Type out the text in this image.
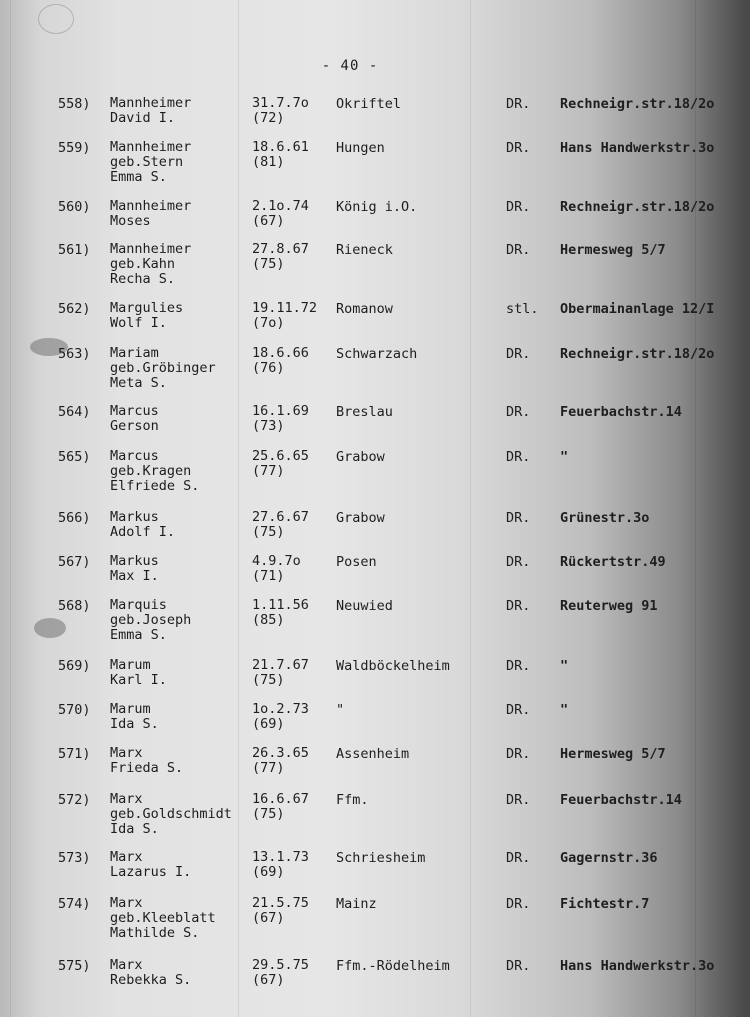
- 40 -
558)	Mannheimer
David I.
31.7.7o
(72)
Okriftel	DR.	Rechneigr.str.18/2o
559)	Mannheimer
geb.Stern
Emma S.
18.6.61
(81)
Hungen	DR.	Hans Handwerkstr.3o
560)	Mannheimer
Moses
2.1o.74
(67)
König i.O.	DR.	Rechneigr.str.18/2o
561)	Mannheimer
geb.Kahn
Recha S.
27.8.67
(75)
Rieneck	DR.	Hermesweg 5/7
562)	Margulies
Wolf I.
19.11.72
(7o)
Romanow	stl.	Obermainanlage 12/I
563)	Mariam
geb.Gröbinger
Meta S.
18.6.66
(76)
Schwarzach	DR.	Rechneigr.str.18/2o
564)	Marcus
Gerson
16.1.69
(73)
Breslau	DR.	Feuerbachstr.14
565)	Marcus
geb.Kragen
Elfriede S.
25.6.65
(77)
Grabow	DR.	"
566)	Markus
Adolf I.
27.6.67
(75)
Grabow	DR.	Grünestr.3o
567)	Markus
Max I.
4.9.7o
(71)
Posen	DR.	Rückertstr.49
568)	Marquis
geb.Joseph
Emma S.
1.11.56
(85)
Neuwied	DR.	Reuterweg 91
569)	Marum
Karl I.
21.7.67
(75)
Waldböckelheim	DR.	"
570)	Marum
Ida S.
1o.2.73
(69)
"	DR.	"
571)	Marx
Frieda S.
26.3.65
(77)
Assenheim	DR.	Hermesweg 5/7
572)	Marx
geb.Goldschmidt
Ida S.
16.6.67
(75)
Ffm.	DR.	Feuerbachstr.14
573)	Marx
Lazarus I.
13.1.73
(69)
Schriesheim	DR.	Gagernstr.36
574)	Marx
geb.Kleeblatt
Mathilde S.
21.5.75
(67)
Mainz	DR.	Fichtestr.7
575)	Marx
Rebekka S.
29.5.75
(67)
Ffm.-Rödelheim	DR.	Hans Handwerkstr.3o
